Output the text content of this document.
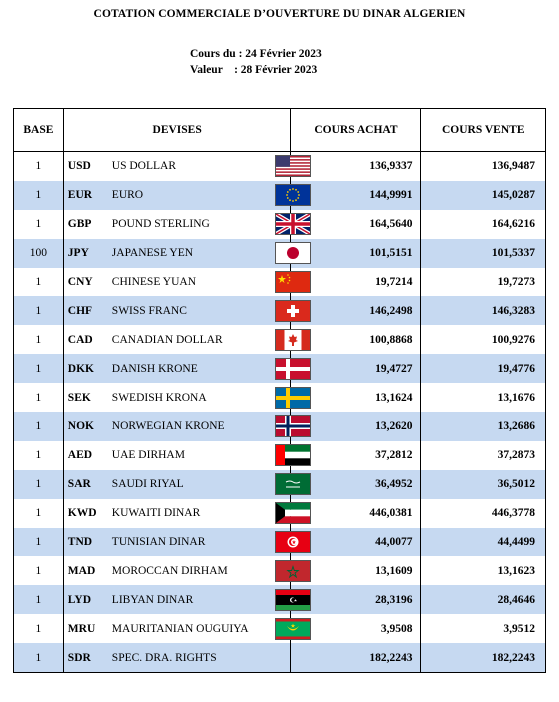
COTATION COMMERCIALE D’OUVERTURE DU DINAR ALGERIEN
Cours du : 24 Février 2023
Valeur    : 28 Février 2023
BASE	DEVISES	COURS ACHAT	COURS VENTE
1	USD US DOLLAR	136,9337	136,9487
1	EUR EURO	144,9991	145,0287
1	GBP POUND STERLING	164,5640	164,6216
100	JPY JAPANESE YEN	101,5151	101,5337
1	CNY CHINESE YUAN	19,7214	19,7273
1	CHF SWISS FRANC	146,2498	146,3283
1	CAD CANADIAN DOLLAR	100,8868	100,9276
1	DKK DANISH KRONE	19,4727	19,4776
1	SEK SWEDISH KRONA	13,1624	13,1676
1	NOK NORWEGIAN KRONE	13,2620	13,2686
1	AED UAE DIRHAM	37,2812	37,2873
1	SAR SAUDI RIYAL	36,4952	36,5012
1	KWD KUWAITI DINAR	446,0381	446,3778
1	TND TUNISIAN DINAR	44,0077	44,4499
1	MAD MOROCCAN DIRHAM	13,1609	13,1623
1	LYD LIBYAN DINAR	28,3196	28,4646
1	MRU MAURITANIAN OUGUIYA	3,9508	3,9512
1	SDR SPEC. DRA. RIGHTS	182,2243	182,2243
